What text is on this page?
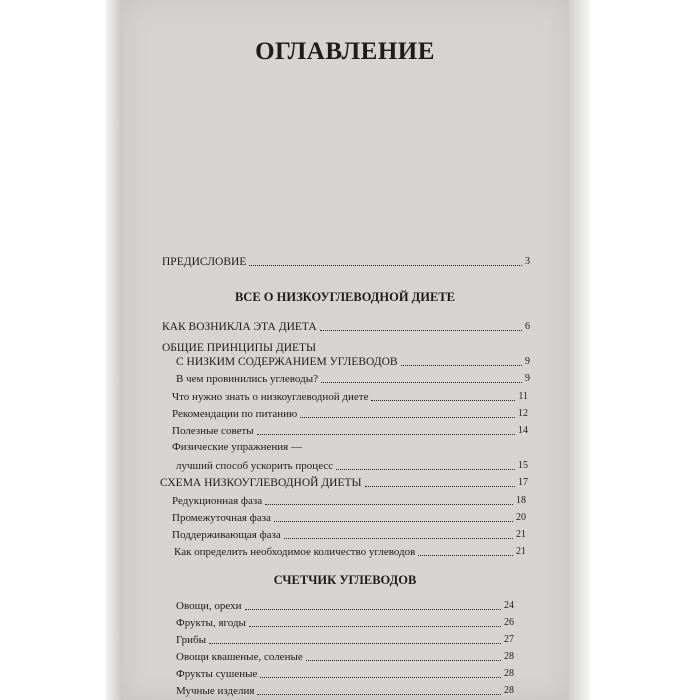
ОГЛАВЛЕНИЕ
ПРЕДИСЛОВИЕ	3
ВСЕ О НИЗКОУГЛЕВОДНОЙ ДИЕТЕ
КАК ВОЗНИКЛА ЭТА ДИЕТА	6
ОБЩИЕ ПРИНЦИПЫ ДИЕТЫ
С НИЗКИМ СОДЕРЖАНИЕМ УГЛЕВОДОВ	9
В чем провинились углеводы?	9
Что нужно знать о низкоуглеводной диете	11
Рекомендации по питанию	12
Полезные советы	14
Физические упражнения —
лучший способ ускорить процесс	15
СХЕМА НИЗКОУГЛЕВОДНОЙ ДИЕТЫ	17
Редукционная фаза	18
Промежуточная фаза	20
Поддерживающая фаза	21
Как определить необходимое количество углеводов	21
СЧЕТЧИК УГЛЕВОДОВ
Овощи, орехи	24
Фрукты, ягоды	26
Грибы	27
Овощи квашеные, соленые	28
Фрукты сушеные	28
Мучные изделия	28
